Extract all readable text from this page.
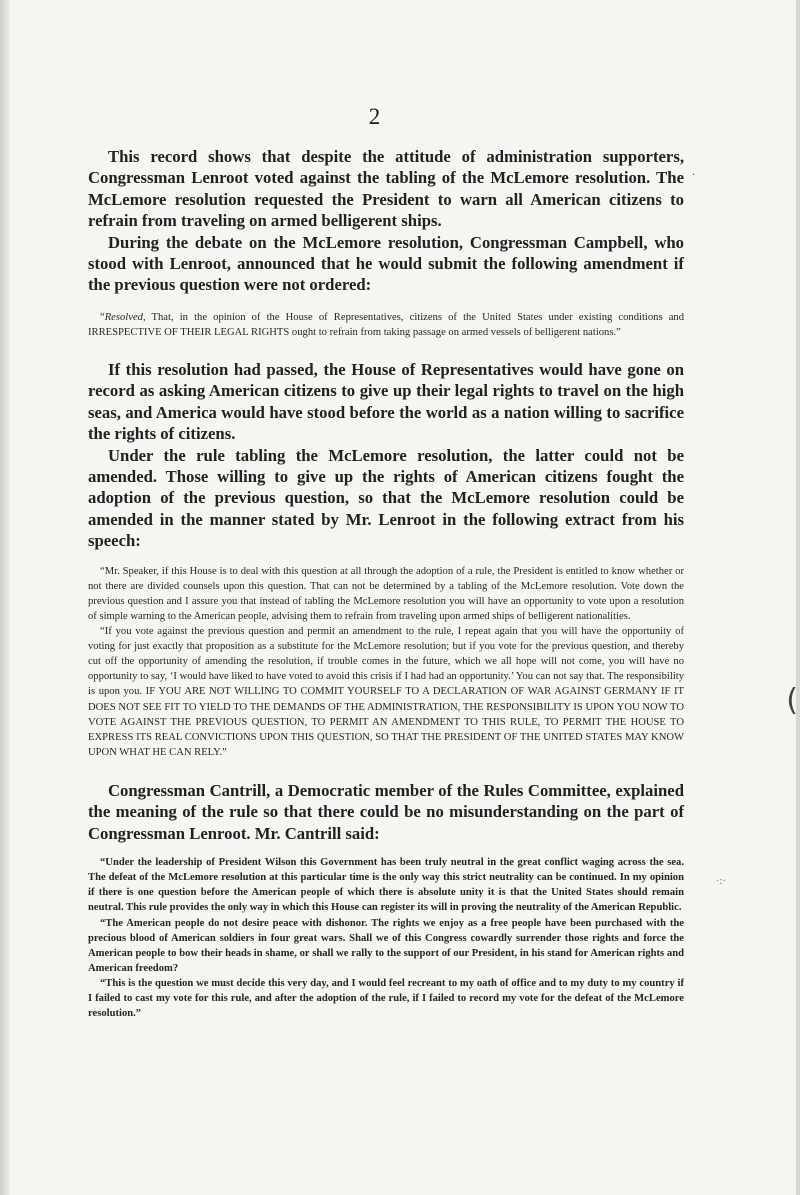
2

This record shows that despite the attitude of administration supporters, Congressman Lenroot voted against the tabling of the McLemore resolution. The McLemore resolution requested the President to warn all American citizens to refrain from traveling on armed belligerent ships.

During the debate on the McLemore resolution, Congressman Campbell, who stood with Lenroot, announced that he would submit the following amendment if the previous question were not ordered:

“Resolved, That, in the opinion of the House of Representatives, citizens of the United States under existing conditions and IRRESPECTIVE OF THEIR LEGAL RIGHTS ought to refrain from taking passage on armed vessels of belligerent nations.”

If this resolution had passed, the House of Representatives would have gone on record as asking American citizens to give up their legal rights to travel on the high seas, and America would have stood before the world as a nation willing to sacrifice the rights of citizens.

Under the rule tabling the McLemore resolution, the latter could not be amended. Those willing to give up the rights of American citizens fought the adoption of the previous question, so that the McLemore resolution could be amended in the manner stated by Mr. Lenroot in the following extract from his speech:

“Mr. Speaker, if this House is to deal with this question at all through the adoption of a rule, the President is entitled to know whether or not there are divided counsels upon this question. That can not be determined by a tabling of the McLemore resolution. Vote down the previous question and I assure you that instead of tabling the McLemore resolution you will have an opportunity to vote upon a resolution of simple warning to the American people, advising them to refrain from traveling upon armed ships of belligerent nationalities.

“If you vote against the previous question and permit an amendment to the rule, I repeat again that you will have the opportunity of voting for just exactly that proposition as a substitute for the McLemore resolution; but if you vote for the previous question, and thereby cut off the opportunity of amending the resolution, if trouble comes in the future, which we all hope will not come, you will have no opportunity to say, ‘I would have liked to have voted to avoid this crisis if I had had an opportunity.’ You can not say that. The responsibility is upon you. IF YOU ARE NOT WILLING TO COMMIT YOURSELF TO A DECLARATION OF WAR AGAINST GERMANY IF IT DOES NOT SEE FIT TO YIELD TO THE DEMANDS OF THE ADMINISTRATION, THE RESPONSIBILITY IS UPON YOU NOW TO VOTE AGAINST THE PREVIOUS QUESTION, TO PERMIT AN AMENDMENT TO THIS RULE, TO PERMIT THE HOUSE TO EXPRESS ITS REAL CONVICTIONS UPON THIS QUESTION, SO THAT THE PRESIDENT OF THE UNITED STATES MAY KNOW UPON WHAT HE CAN RELY.”

Congressman Cantrill, a Democratic member of the Rules Committee, explained the meaning of the rule so that there could be no misunderstanding on the part of Congressman Lenroot. Mr. Cantrill said:

“Under the leadership of President Wilson this Government has been truly neutral in the great conflict waging across the sea. The defeat of the McLemore resolution at this particular time is the only way this strict neutrality can be continued. In my opinion if there is one question before the American people of which there is absolute unity it is that the United States should remain neutral. This rule provides the only way in which this House can register its will in proving the neutrality of the American Republic.

“The American people do not desire peace with dishonor. The rights we enjoy as a free people have been purchased with the precious blood of American soldiers in four great wars. Shall we of this Congress cowardly surrender those rights and force the American people to bow their heads in shame, or shall we rally to the support of our President, in his stand for American rights and American freedom?

“This is the question we must decide this very day, and I would feel recreant to my oath of office and to my duty to my country if I failed to cast my vote for this rule, and after the adoption of the rule, if I failed to record my vote for the defeat of the McLemore resolution.”

(
·
·:·
